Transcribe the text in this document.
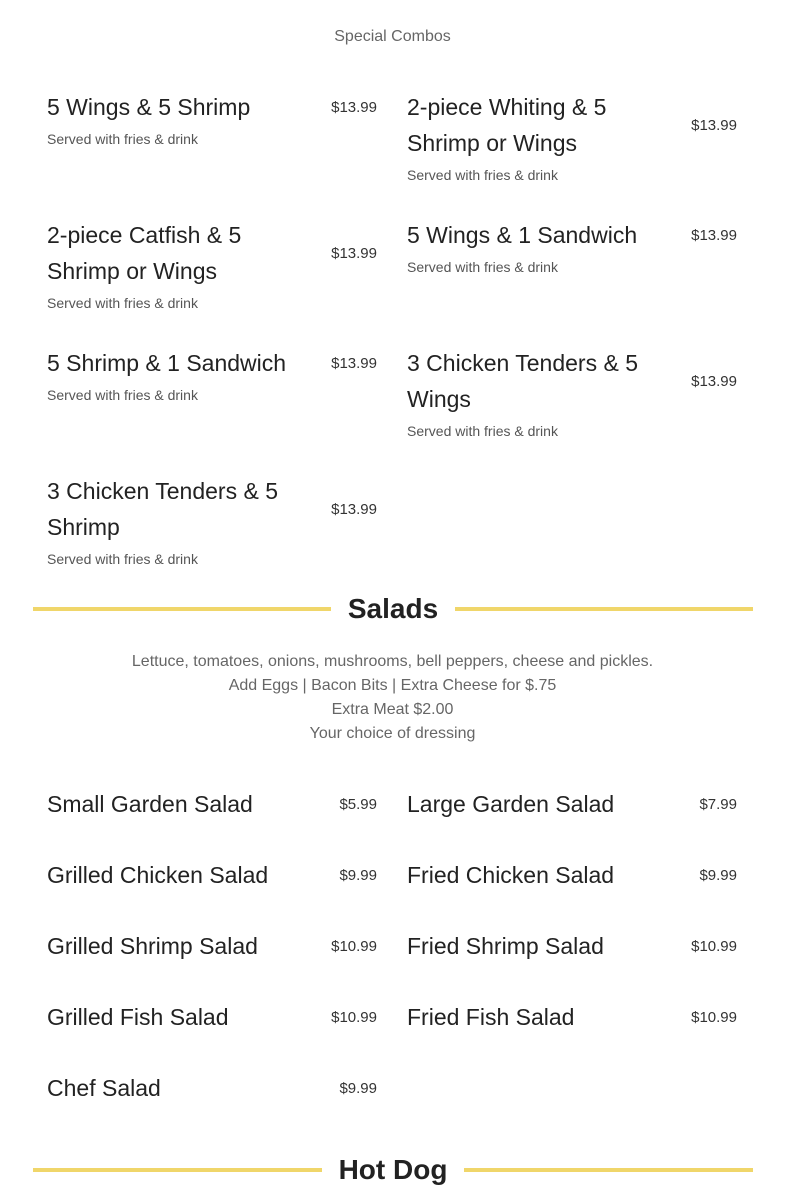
Special Combos
5 Wings & 5 Shrimp	$13.99
Served with fries & drink
2-piece Whiting & 5 Shrimp or Wings
$13.99
Served with fries & drink
2-piece Catfish & 5 Shrimp or Wings
$13.99
Served with fries & drink
5 Wings & 1 Sandwich	$13.99
Served with fries & drink
5 Shrimp & 1 Sandwich	$13.99
Served with fries & drink
3 Chicken Tenders & 5 Wings
$13.99
Served with fries & drink
3 Chicken Tenders & 5 Shrimp
$13.99
Served with fries & drink
Salads
Lettuce, tomatoes, onions, mushrooms, bell peppers, cheese and pickles.
Add Eggs | Bacon Bits | Extra Cheese for $.75
Extra Meat $2.00
Your choice of dressing
Small Garden Salad	$5.99 Large Garden Salad	$7.99
Grilled Chicken Salad	$9.99 Fried Chicken Salad	$9.99
Grilled Shrimp Salad	$10.99 Fried Shrimp Salad	$10.99
Grilled Fish Salad	$10.99 Fried Fish Salad	$10.99
Chef Salad	$9.99
Hot Dog
